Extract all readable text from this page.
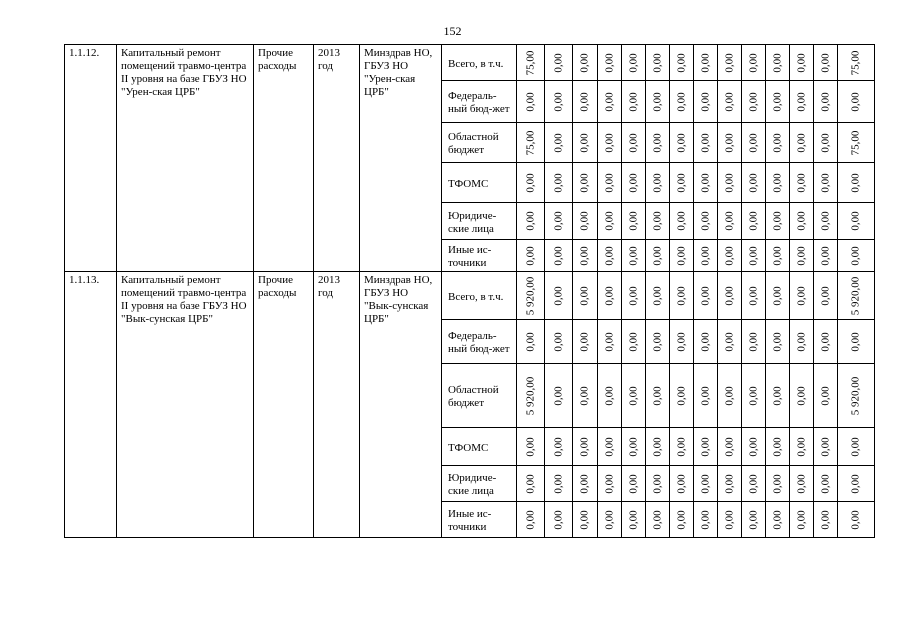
152
1.1.12.	Капитальный ремонт помещений травмо-центра II уровня на базе ГБУЗ НО "Урен-ская ЦРБ"	Прочие расходы	2013 год	Минздрав НО, ГБУЗ НО "Урен-ская ЦРБ"	Всего, в т.ч.	75,00	0,00	0,00	0,00	0,00	0,00	0,00	0,00	0,00	0,00	0,00	0,00	0,00	75,00

					Федераль-ный бюд-жет	0,00	0,00	0,00	0,00	0,00	0,00	0,00	0,00	0,00	0,00	0,00	0,00	0,00	0,00

					Областной бюджет	75,00	0,00	0,00	0,00	0,00	0,00	0,00	0,00	0,00	0,00	0,00	0,00	0,00	75,00

					ТФОМС	0,00	0,00	0,00	0,00	0,00	0,00	0,00	0,00	0,00	0,00	0,00	0,00	0,00	0,00

					Юридиче-ские лица	0,00	0,00	0,00	0,00	0,00	0,00	0,00	0,00	0,00	0,00	0,00	0,00	0,00	0,00

					Иные ис-точники	0,00	0,00	0,00	0,00	0,00	0,00	0,00	0,00	0,00	0,00	0,00	0,00	0,00	0,00

1.1.13.	Капитальный ремонт помещений травмо-центра II уровня на базе ГБУЗ НО "Вык-сунская ЦРБ"	Прочие расходы	2013 год	Минздрав НО, ГБУЗ НО "Вык-сунская ЦРБ"	Всего, в т.ч.	5 920,00	0,00	0,00	0,00	0,00	0,00	0,00	0,00	0,00	0,00	0,00	0,00	0,00	5 920,00

					Федераль-ный бюд-жет	0,00	0,00	0,00	0,00	0,00	0,00	0,00	0,00	0,00	0,00	0,00	0,00	0,00	0,00

					Областной бюджет	5 920,00	0,00	0,00	0,00	0,00	0,00	0,00	0,00	0,00	0,00	0,00	0,00	0,00	5 920,00

					ТФОМС	0,00	0,00	0,00	0,00	0,00	0,00	0,00	0,00	0,00	0,00	0,00	0,00	0,00	0,00

					Юридиче-ские лица	0,00	0,00	0,00	0,00	0,00	0,00	0,00	0,00	0,00	0,00	0,00	0,00	0,00	0,00

					Иные ис-точники	0,00	0,00	0,00	0,00	0,00	0,00	0,00	0,00	0,00	0,00	0,00	0,00	0,00	0,00
